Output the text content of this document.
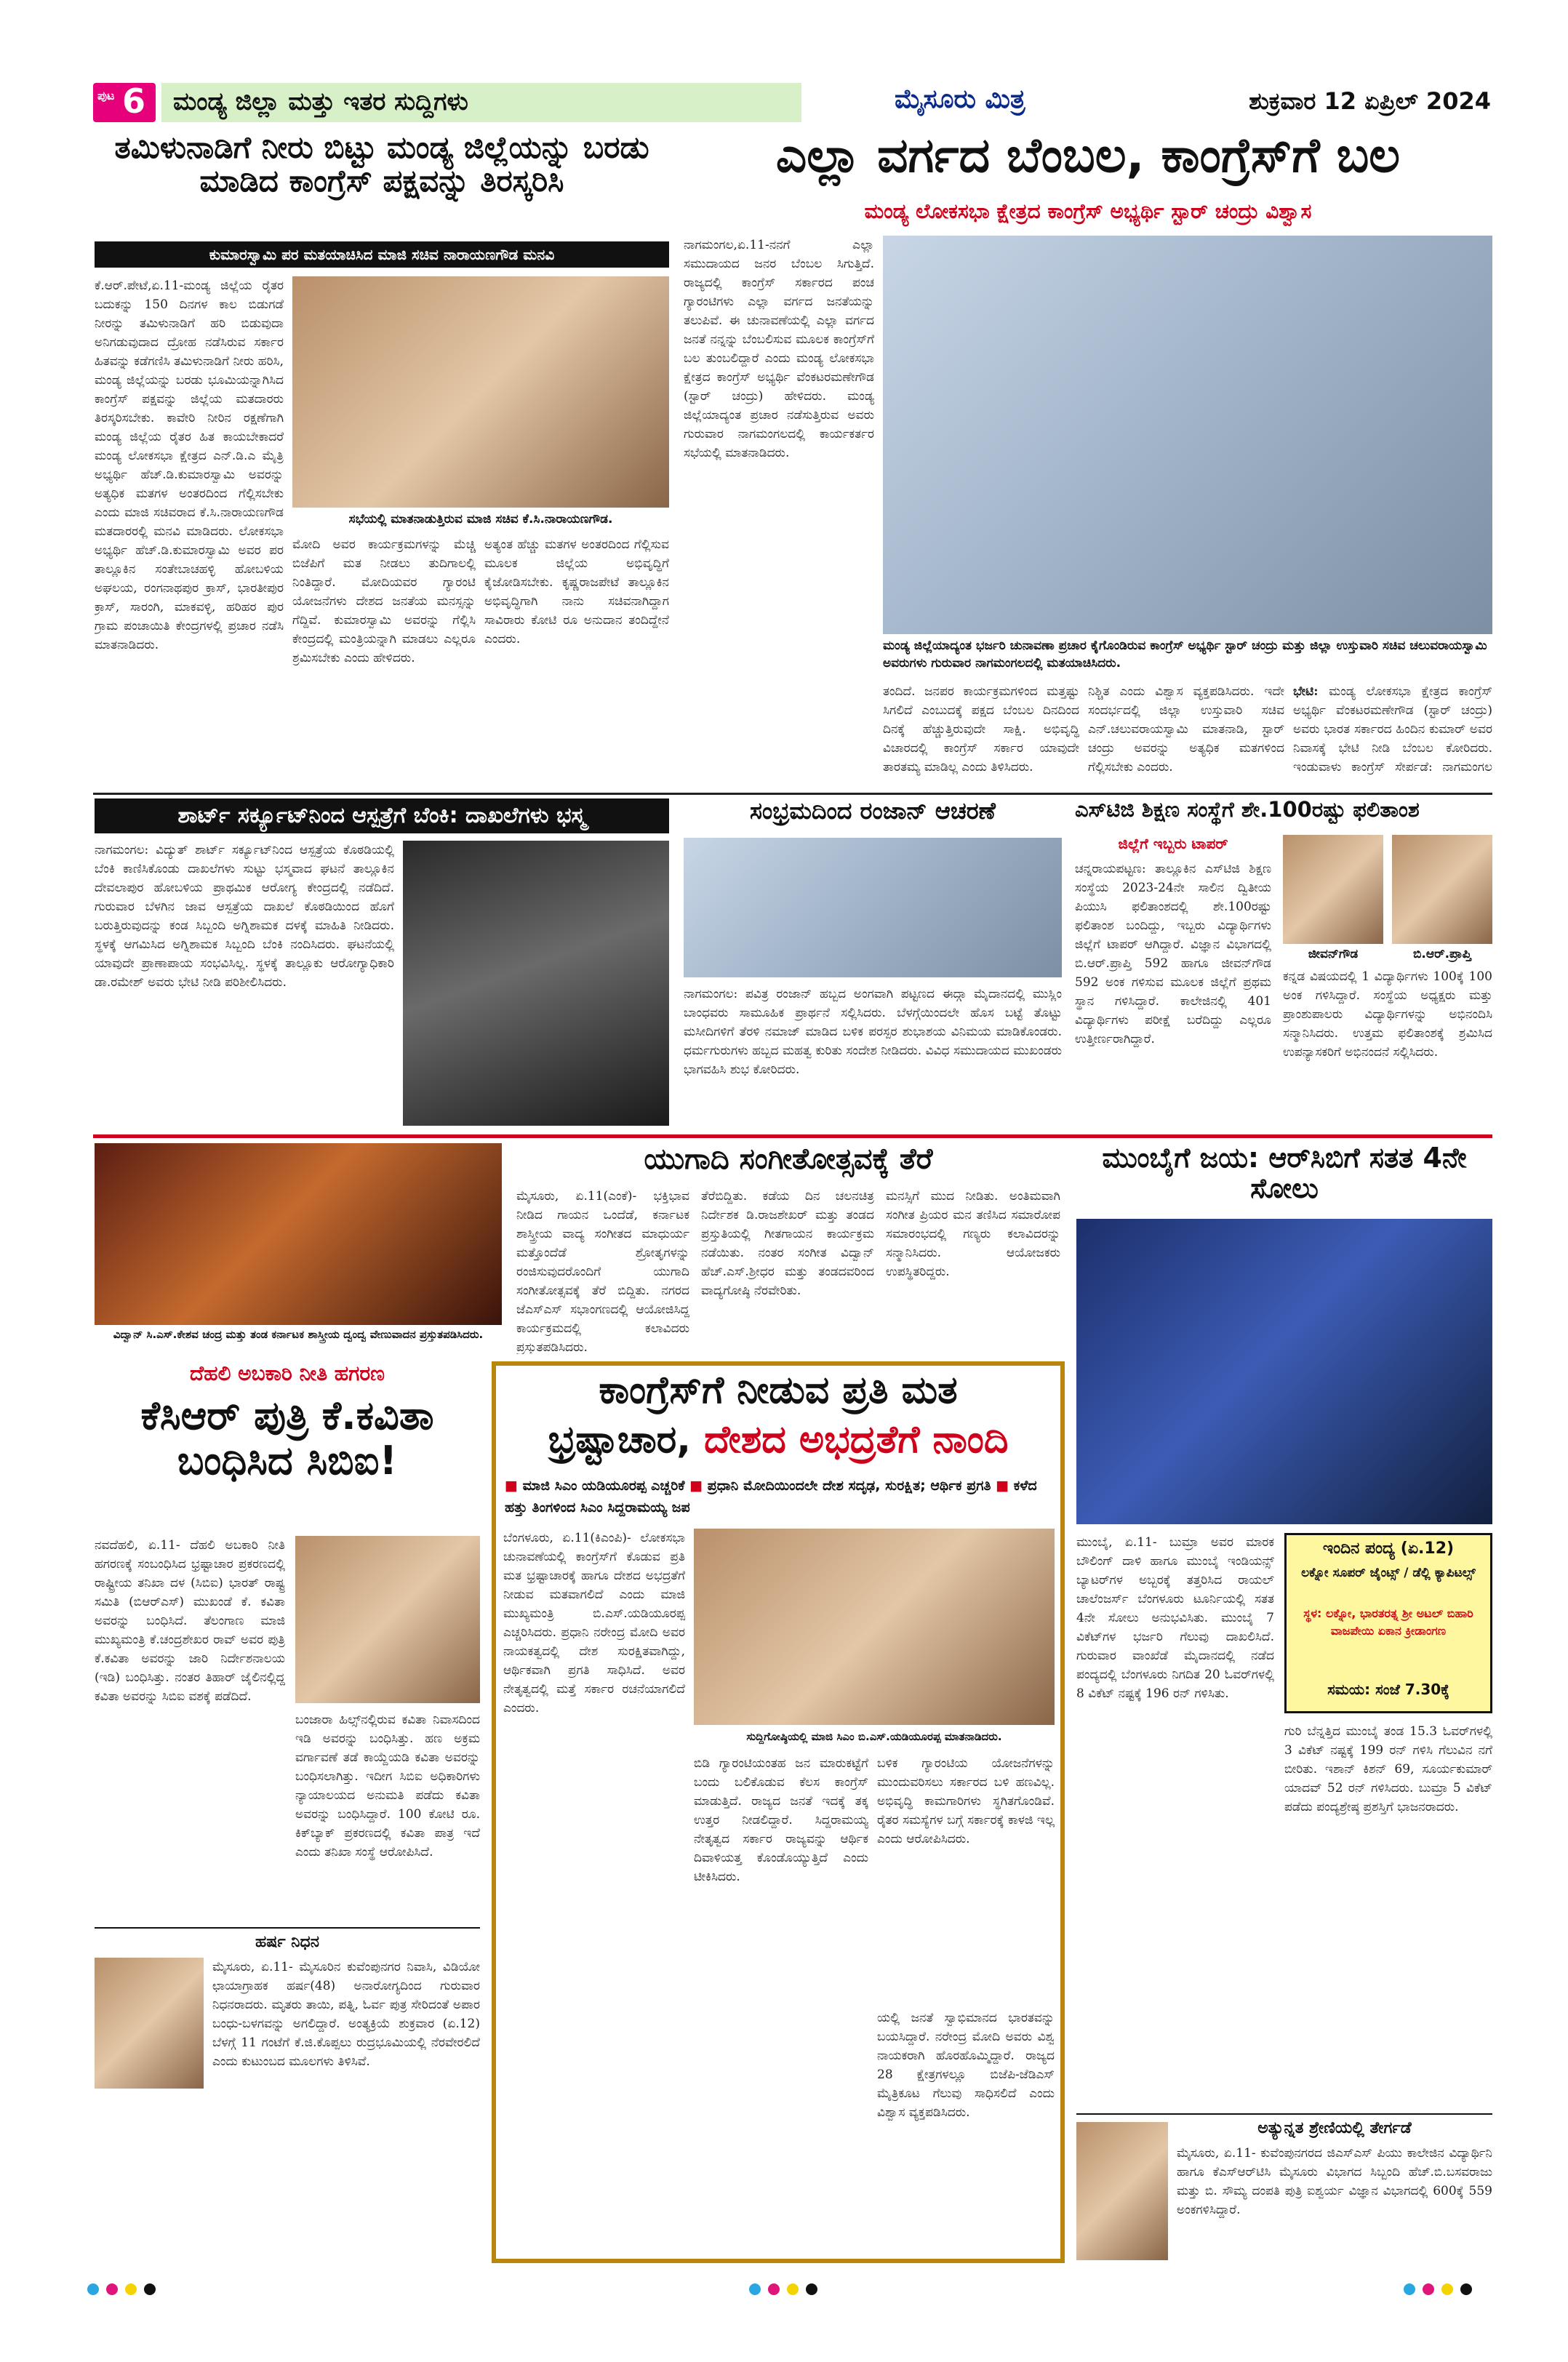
ಪುಟ 6 ಮಂಡ್ಯ ಜಿಲ್ಲಾ ಮತ್ತು ಇತರ ಸುದ್ದಿಗಳು	ಮೈಸೂರು ಮಿತ್ರ	ಶುಕ್ರವಾರ 12 ಏಪ್ರಿಲ್ 2024
ತಮಿಳುನಾಡಿಗೆ ನೀರು ಬಿಟ್ಟು ಮಂಡ್ಯ ಜಿಲ್ಲೆಯನ್ನು ಬರಡು ಮಾಡಿದ ಕಾಂಗ್ರೆಸ್ ಪಕ್ಷವನ್ನು ತಿರಸ್ಕರಿಸಿ
ಕುಮಾರಸ್ವಾಮಿ ಪರ ಮತಯಾಚಿಸಿದ ಮಾಜಿ ಸಚಿವ ನಾರಾಯಣಗೌಡ ಮನವಿ
ಕೆ.ಆರ್.ಪೇಟೆ,ಏ.11-ಮಂಡ್ಯ ಜಿಲ್ಲೆಯ ರೈತರ ಬದುಕನ್ನು 150 ದಿನಗಳ ಕಾಲ ಬಿಡುಗಡೆ ನೀರನ್ನು ತಮಿಳುನಾಡಿಗೆ ಹರಿ ಬಿಡುವುದಾ ಅನಿಗಡುವುದಾದ ದ್ರೋಹ ನಡೆಸಿರುವ ಸರ್ಕಾರ ಹಿತವನ್ನು ಕಡೆಗಣಿಸಿ ತಮಿಳುನಾಡಿಗೆ ನೀರು ಹರಿಸಿ, ಮಂಡ್ಯ ಜಿಲ್ಲೆಯನ್ನು ಬರಡು ಭೂಮಿಯನ್ನಾಗಿಸಿದ ಕಾಂಗ್ರೆಸ್ ಪಕ್ಷವನ್ನು ಜಿಲ್ಲೆಯ ಮತದಾರರು ತಿರಸ್ಕರಿಸಬೇಕು. ಕಾವೇರಿ ನೀರಿನ ರಕ್ಷಣೆಗಾಗಿ ಮಂಡ್ಯ ಜಿಲ್ಲೆಯ ರೈತರ ಹಿತ ಕಾಯಬೇಕಾದರೆ ಮಂಡ್ಯ ಲೋಕಸಭಾ ಕ್ಷೇತ್ರದ ಎನ್.ಡಿ.ಎ ಮೈತ್ರಿ ಅಭ್ಯರ್ಥಿ ಹೆಚ್.ಡಿ.ಕುಮಾರಸ್ವಾಮಿ ಅವರನ್ನು ಅತ್ಯಧಿಕ ಮತಗಳ ಅಂತರದಿಂದ ಗೆಲ್ಲಿಸಬೇಕು ಎಂದು ಮಾಜಿ ಸಚಿವರಾದ ಕೆ.ಸಿ.ನಾರಾಯಣಗೌಡ ಮತದಾರರಲ್ಲಿ ಮನವಿ ಮಾಡಿದರು. ಲೋಕಸಭಾ ಅಭ್ಯರ್ಥಿ ಹೆಚ್.ಡಿ.ಕುಮಾರಸ್ವಾಮಿ ಅವರ ಪರ ತಾಲ್ಲೂಕಿನ ಸಂತೇಬಾಚಹಳ್ಳಿ ಹೋಬಳಿಯ ಅಘಲಯ, ರಂಗನಾಥಪುರ ಕ್ರಾಸ್, ಭಾರತೀಪುರ ಕ್ರಾಸ್, ಸಾರಂಗಿ, ಮಾಕವಳ್ಳಿ, ಹರಿಹರ ಪುರ ಗ್ರಾಮ ಪಂಚಾಯಿತಿ ಕೇಂದ್ರಗಳಲ್ಲಿ ಪ್ರಚಾರ ನಡೆಸಿ ಮಾತನಾಡಿದರು.
ಸಭೆಯಲ್ಲಿ ಮಾತನಾಡುತ್ತಿರುವ ಮಾಜಿ ಸಚಿವ ಕೆ.ಸಿ.ನಾರಾಯಣಗೌಡ.
ಮೋದಿ ಅವರ ಕಾರ್ಯಕ್ರಮಗಳನ್ನು ಮೆಚ್ಚಿ ಬಿಜೆಪಿಗೆ ಮತ ನೀಡಲು ತುದಿಗಾಲಲ್ಲಿ ನಿಂತಿದ್ದಾರೆ. ಮೋದಿಯವರ ಗ್ಯಾರಂಟಿ ಯೋಜನೆಗಳು ದೇಶದ ಜನತೆಯ ಮನಸ್ಸನ್ನು ಗೆದ್ದಿವೆ. ಕುಮಾರಸ್ವಾಮಿ ಅವರನ್ನು ಗೆಲ್ಲಿಸಿ ಕೇಂದ್ರದಲ್ಲಿ ಮಂತ್ರಿಯನ್ನಾಗಿ ಮಾಡಲು ಎಲ್ಲರೂ ಶ್ರಮಿಸಬೇಕು ಎಂದು ಹೇಳಿದರು.
ಅತ್ಯಂತ ಹೆಚ್ಚು ಮತಗಳ ಅಂತರದಿಂದ ಗೆಲ್ಲಿಸುವ ಮೂಲಕ ಜಿಲ್ಲೆಯ ಅಭಿವೃದ್ಧಿಗೆ ಕೈಜೋಡಿಸಬೇಕು. ಕೃಷ್ಣರಾಜಪೇಟೆ ತಾಲ್ಲೂಕಿನ ಅಭಿವೃದ್ಧಿಗಾಗಿ ನಾನು ಸಚಿವನಾಗಿದ್ದಾಗ ಸಾವಿರಾರು ಕೋಟಿ ರೂ ಅನುದಾನ ತಂದಿದ್ದೇನೆ ಎಂದರು.
ಎಲ್ಲಾ ವರ್ಗದ ಬೆಂಬಲ, ಕಾಂಗ್ರೆಸ್‌ಗೆ ಬಲ
ಮಂಡ್ಯ ಲೋಕಸಭಾ ಕ್ಷೇತ್ರದ ಕಾಂಗ್ರೆಸ್ ಅಭ್ಯರ್ಥಿ ಸ್ಟಾರ್ ಚಂದ್ರು ವಿಶ್ವಾಸ
ನಾಗಮಂಗಲ,ಏ.11-ನನಗೆ ಎಲ್ಲಾ ಸಮುದಾಯದ ಜನರ ಬೆಂಬಲ ಸಿಗುತ್ತಿದೆ. ರಾಜ್ಯದಲ್ಲಿ ಕಾಂಗ್ರೆಸ್ ಸರ್ಕಾರದ ಪಂಚ ಗ್ಯಾರಂಟಿಗಳು ಎಲ್ಲಾ ವರ್ಗದ ಜನತೆಯನ್ನು ತಲುಪಿವೆ. ಈ ಚುನಾವಣೆಯಲ್ಲಿ ಎಲ್ಲಾ ವರ್ಗದ ಜನತೆ ನನ್ನನ್ನು ಬೆಂಬಲಿಸುವ ಮೂಲಕ ಕಾಂಗ್ರೆಸ್‌ಗೆ ಬಲ ತುಂಬಲಿದ್ದಾರೆ ಎಂದು ಮಂಡ್ಯ ಲೋಕಸಭಾ ಕ್ಷೇತ್ರದ ಕಾಂಗ್ರೆಸ್ ಅಭ್ಯರ್ಥಿ ವೆಂಕಟರಮಣೇಗೌಡ (ಸ್ಟಾರ್ ಚಂದ್ರು) ಹೇಳಿದರು. ಮಂಡ್ಯ ಜಿಲ್ಲೆಯಾದ್ಯಂತ ಪ್ರಚಾರ ನಡೆಸುತ್ತಿರುವ ಅವರು ಗುರುವಾರ ನಾಗಮಂಗಲದಲ್ಲಿ ಕಾರ್ಯಕರ್ತರ ಸಭೆಯಲ್ಲಿ ಮಾತನಾಡಿದರು.
ಮಂಡ್ಯ ಜಿಲ್ಲೆಯಾದ್ಯಂತ ಭರ್ಜರಿ ಚುನಾವಣಾ ಪ್ರಚಾರ ಕೈಗೊಂಡಿರುವ ಕಾಂಗ್ರೆಸ್ ಅಭ್ಯರ್ಥಿ ಸ್ಟಾರ್ ಚಂದ್ರು ಮತ್ತು ಜಿಲ್ಲಾ ಉಸ್ತುವಾರಿ ಸಚಿವ ಚಲುವರಾಯಸ್ವಾಮಿ ಅವರುಗಳು ಗುರುವಾರ ನಾಗಮಂಗಲದಲ್ಲಿ ಮತಯಾಚಿಸಿದರು.
ತಂದಿದೆ. ಜನಪರ ಕಾರ್ಯಕ್ರಮಗಳಿಂದ ಮತ್ತಷ್ಟು ಸಿಗಲಿದೆ ಎಂಬುದಕ್ಕೆ ಪಕ್ಷದ ಬೆಂಬಲ ದಿನದಿಂದ ದಿನಕ್ಕೆ ಹೆಚ್ಚುತ್ತಿರುವುದೇ ಸಾಕ್ಷಿ. ಅಭಿವೃದ್ಧಿ ವಿಚಾರದಲ್ಲಿ ಕಾಂಗ್ರೆಸ್ ಸರ್ಕಾರ ಯಾವುದೇ ತಾರತಮ್ಯ ಮಾಡಿಲ್ಲ ಎಂದು ತಿಳಿಸಿದರು.
ನಿಶ್ಚಿತ ಎಂದು ವಿಶ್ವಾಸ ವ್ಯಕ್ತಪಡಿಸಿದರು. ಇದೇ ಸಂದರ್ಭದಲ್ಲಿ ಜಿಲ್ಲಾ ಉಸ್ತುವಾರಿ ಸಚಿವ ಎನ್.ಚಲುವರಾಯಸ್ವಾಮಿ ಮಾತನಾಡಿ, ಸ್ಟಾರ್ ಚಂದ್ರು ಅವರನ್ನು ಅತ್ಯಧಿಕ ಮತಗಳಿಂದ ಗೆಲ್ಲಿಸಬೇಕು ಎಂದರು.
ಭೇಟಿ: ಮಂಡ್ಯ ಲೋಕಸಭಾ ಕ್ಷೇತ್ರದ ಕಾಂಗ್ರೆಸ್ ಅಭ್ಯರ್ಥಿ ವೆಂಕಟರಮಣೇಗೌಡ (ಸ್ಟಾರ್ ಚಂದ್ರು) ಅವರು ಭಾರತ ಸರ್ಕಾರದ ಹಿಂದಿನ ಕುಮಾರ್ ಅವರ ನಿವಾಸಕ್ಕೆ ಭೇಟಿ ನೀಡಿ ಬೆಂಬಲ ಕೋರಿದರು. ಇಂಡುವಾಳು ಕಾಂಗ್ರೆಸ್ ಸೇರ್ಪಡೆ: ನಾಗಮಂಗಲ
ಶಾರ್ಟ್ ಸರ್ಕ್ಯೂಟ್‌ನಿಂದ ಆಸ್ಪತ್ರೆಗೆ ಬೆಂಕಿ: ದಾಖಲೆಗಳು ಭಸ್ಮ
ನಾಗಮಂಗಲ: ವಿದ್ಯುತ್ ಶಾರ್ಟ್ ಸರ್ಕ್ಯೂಟ್‌ನಿಂದ ಆಸ್ಪತ್ರೆಯ ಕೊಠಡಿಯಲ್ಲಿ ಬೆಂಕಿ ಕಾಣಿಸಿಕೊಂಡು ದಾಖಲೆಗಳು ಸುಟ್ಟು ಭಸ್ಮವಾದ ಘಟನೆ ತಾಲ್ಲೂಕಿನ ದೇವಲಾಪುರ ಹೋಬಳಿಯ ಪ್ರಾಥಮಿಕ ಆರೋಗ್ಯ ಕೇಂದ್ರದಲ್ಲಿ ನಡೆದಿದೆ. ಗುರುವಾರ ಬೆಳಗಿನ ಜಾವ ಆಸ್ಪತ್ರೆಯ ದಾಖಲೆ ಕೊಠಡಿಯಿಂದ ಹೊಗೆ ಬರುತ್ತಿರುವುದನ್ನು ಕಂಡ ಸಿಬ್ಬಂದಿ ಅಗ್ನಿಶಾಮಕ ದಳಕ್ಕೆ ಮಾಹಿತಿ ನೀಡಿದರು. ಸ್ಥಳಕ್ಕೆ ಆಗಮಿಸಿದ ಅಗ್ನಿಶಾಮಕ ಸಿಬ್ಬಂದಿ ಬೆಂಕಿ ನಂದಿಸಿದರು. ಘಟನೆಯಲ್ಲಿ ಯಾವುದೇ ಪ್ರಾಣಾಪಾಯ ಸಂಭವಿಸಿಲ್ಲ. ಸ್ಥಳಕ್ಕೆ ತಾಲ್ಲೂಕು ಆರೋಗ್ಯಾಧಿಕಾರಿ ಡಾ.ರಮೇಶ್ ಅವರು ಭೇಟಿ ನೀಡಿ ಪರಿಶೀಲಿಸಿದರು.
ಸಂಭ್ರಮದಿಂದ ರಂಜಾನ್ ಆಚರಣೆ
ನಾಗಮಂಗಲ: ಪವಿತ್ರ ರಂಜಾನ್ ಹಬ್ಬದ ಅಂಗವಾಗಿ ಪಟ್ಟಣದ ಈದ್ಗಾ ಮೈದಾನದಲ್ಲಿ ಮುಸ್ಲಿಂ ಬಾಂಧವರು ಸಾಮೂಹಿಕ ಪ್ರಾರ್ಥನೆ ಸಲ್ಲಿಸಿದರು. ಬೆಳಗ್ಗೆಯಿಂದಲೇ ಹೊಸ ಬಟ್ಟೆ ತೊಟ್ಟು ಮಸೀದಿಗಳಿಗೆ ತೆರಳಿ ನಮಾಜ್ ಮಾಡಿದ ಬಳಿಕ ಪರಸ್ಪರ ಶುಭಾಶಯ ವಿನಿಮಯ ಮಾಡಿಕೊಂಡರು. ಧರ್ಮಗುರುಗಳು ಹಬ್ಬದ ಮಹತ್ವ ಕುರಿತು ಸಂದೇಶ ನೀಡಿದರು. ವಿವಿಧ ಸಮುದಾಯದ ಮುಖಂಡರು ಭಾಗವಹಿಸಿ ಶುಭ ಕೋರಿದರು.
ಎಸ್‌ಟಿಜಿ ಶಿಕ್ಷಣ ಸಂಸ್ಥೆಗೆ ಶೇ.100ರಷ್ಟು ಫಲಿತಾಂಶ
ಜಿಲ್ಲೆಗೆ ಇಬ್ಬರು ಟಾಪರ್
ಚನ್ನರಾಯಪಟ್ಟಣ: ತಾಲ್ಲೂಕಿನ ಎಸ್‌ಟಿಜಿ ಶಿಕ್ಷಣ ಸಂಸ್ಥೆಯ 2023-24ನೇ ಸಾಲಿನ ದ್ವಿತೀಯ ಪಿಯುಸಿ ಫಲಿತಾಂಶದಲ್ಲಿ ಶೇ.100ರಷ್ಟು ಫಲಿತಾಂಶ ಬಂದಿದ್ದು, ಇಬ್ಬರು ವಿದ್ಯಾರ್ಥಿಗಳು ಜಿಲ್ಲೆಗೆ ಟಾಪರ್ ಆಗಿದ್ದಾರೆ. ವಿಜ್ಞಾನ ವಿಭಾಗದಲ್ಲಿ ಬಿ.ಆರ್.ಪ್ರಾಪ್ತಿ 592 ಹಾಗೂ ಜೀವನ್‌ಗೌಡ 592 ಅಂಕ ಗಳಿಸುವ ಮೂಲಕ ಜಿಲ್ಲೆಗೆ ಪ್ರಥಮ ಸ್ಥಾನ ಗಳಿಸಿದ್ದಾರೆ. ಕಾಲೇಜಿನಲ್ಲಿ 401 ವಿದ್ಯಾರ್ಥಿಗಳು ಪರೀಕ್ಷೆ ಬರೆದಿದ್ದು ಎಲ್ಲರೂ ಉತ್ತೀರ್ಣರಾಗಿದ್ದಾರೆ.
ಜೀವನ್‌ಗೌಡ	ಬಿ.ಆರ್.ಪ್ರಾಪ್ತಿ
ಕನ್ನಡ ವಿಷಯದಲ್ಲಿ 1 ವಿದ್ಯಾರ್ಥಿಗಳು 100ಕ್ಕೆ 100 ಅಂಕ ಗಳಿಸಿದ್ದಾರೆ. ಸಂಸ್ಥೆಯ ಅಧ್ಯಕ್ಷರು ಮತ್ತು ಪ್ರಾಂಶುಪಾಲರು ವಿದ್ಯಾರ್ಥಿಗಳನ್ನು ಅಭಿನಂದಿಸಿ ಸನ್ಮಾನಿಸಿದರು. ಉತ್ತಮ ಫಲಿತಾಂಶಕ್ಕೆ ಶ್ರಮಿಸಿದ ಉಪನ್ಯಾಸಕರಿಗೆ ಅಭಿನಂದನೆ ಸಲ್ಲಿಸಿದರು.
ವಿದ್ವಾನ್ ಸಿ.ಎಸ್.ಕೇಶವ ಚಂದ್ರ ಮತ್ತು ತಂಡ ಕರ್ನಾಟಕ ಶಾಸ್ತ್ರೀಯ ದ್ವಂದ್ವ ವೇಣುವಾದನ ಪ್ರಸ್ತುತಪಡಿಸಿದರು.
ಯುಗಾದಿ ಸಂಗೀತೋತ್ಸವಕ್ಕೆ ತೆರೆ
ಮೈಸೂರು, ಏ.11(ಎಂಕೆ)- ಭಕ್ತಿಭಾವ ನೀಡಿದ ಗಾಯನ ಒಂದೆಡೆ, ಕರ್ನಾಟಕ ಶಾಸ್ತ್ರೀಯ ವಾದ್ಯ ಸಂಗೀತದ ಮಾಧುರ್ಯ ಮತ್ತೊಂದೆಡೆ ಶ್ರೋತೃಗಳನ್ನು ರಂಜಿಸುವುದರೊಂದಿಗೆ ಯುಗಾದಿ ಸಂಗೀತೋತ್ಸವಕ್ಕೆ ತೆರೆ ಬಿದ್ದಿತು. ನಗರದ ಜೆಎಸ್‌ಎಸ್ ಸಭಾಂಗಣದಲ್ಲಿ ಆಯೋಜಿಸಿದ್ದ ಕಾರ್ಯಕ್ರಮದಲ್ಲಿ ಕಲಾವಿದರು ಪ್ರಸ್ತುತಪಡಿಸಿದರು.
ತೆರೆಬಿದ್ದಿತು. ಕಡೆಯ ದಿನ ಚಲನಚಿತ್ರ ನಿರ್ದೇಶಕ ಡಿ.ರಾಜಶೇಖರ್ ಮತ್ತು ತಂಡದ ಪ್ರಸ್ತುತಿಯಲ್ಲಿ ಗೀತಗಾಯನ ಕಾರ್ಯಕ್ರಮ ನಡೆಯಿತು. ನಂತರ ಸಂಗೀತ ವಿದ್ವಾನ್ ಹೆಚ್.ಎಸ್.ಶ್ರೀಧರ ಮತ್ತು ತಂಡದವರಿಂದ ವಾದ್ಯಗೋಷ್ಠಿ ನೆರವೇರಿತು.
ಮನಸ್ಸಿಗೆ ಮುದ ನೀಡಿತು. ಅಂತಿಮವಾಗಿ ಸಂಗೀತ ಪ್ರಿಯರ ಮನ ತಣಿಸಿದ ಸಮಾರೋಪ ಸಮಾರಂಭದಲ್ಲಿ ಗಣ್ಯರು ಕಲಾವಿದರನ್ನು ಸನ್ಮಾನಿಸಿದರು. ಆಯೋಜಕರು ಉಪಸ್ಥಿತರಿದ್ದರು.
ಮುಂಬೈಗೆ ಜಯ: ಆರ್‌ಸಿಬಿಗೆ ಸತತ 4ನೇ ಸೋಲು
ಮುಂಬೈ, ಏ.11- ಬುಮ್ರಾ ಅವರ ಮಾರಕ ಬೌಲಿಂಗ್ ದಾಳಿ ಹಾಗೂ ಮುಂಬೈ ಇಂಡಿಯನ್ಸ್ ಬ್ಯಾಟರ್‌ಗಳ ಅಬ್ಬರಕ್ಕೆ ತತ್ತರಿಸಿದ ರಾಯಲ್ ಚಾಲೆಂಜರ್ಸ್ ಬೆಂಗಳೂರು ಟೂರ್ನಿಯಲ್ಲಿ ಸತತ 4ನೇ ಸೋಲು ಅನುಭವಿಸಿತು. ಮುಂಬೈ 7 ವಿಕೆಟ್‌ಗಳ ಭರ್ಜರಿ ಗೆಲುವು ದಾಖಲಿಸಿದೆ. ಗುರುವಾರ ವಾಂಖೆಡೆ ಮೈದಾನದಲ್ಲಿ ನಡೆದ ಪಂದ್ಯದಲ್ಲಿ ಬೆಂಗಳೂರು ನಿಗದಿತ 20 ಓವರ್‌ಗಳಲ್ಲಿ 8 ವಿಕೆಟ್ ನಷ್ಟಕ್ಕೆ 196 ರನ್ ಗಳಿಸಿತು.
ಇಂದಿನ ಪಂದ್ಯ (ಏ.12)
ಲಕ್ನೋ ಸೂಪರ್ ಜೈಂಟ್ಸ್ / ಡೆಲ್ಲಿ ಕ್ಯಾಪಿಟಲ್ಸ್
ಸ್ಥಳ: ಲಕ್ನೋ, ಭಾರತರತ್ನ ಶ್ರೀ ಅಟಲ್ ಬಿಹಾರಿ ವಾಜಪೇಯಿ ಏಕಾನ ಕ್ರೀಡಾಂಗಣ
ಸಮಯ: ಸಂಜೆ 7.30ಕ್ಕೆ
ಗುರಿ ಬೆನ್ನತ್ತಿದ ಮುಂಬೈ ತಂಡ 15.3 ಓವರ್‌ಗಳಲ್ಲಿ 3 ವಿಕೆಟ್ ನಷ್ಟಕ್ಕೆ 199 ರನ್ ಗಳಿಸಿ ಗೆಲುವಿನ ನಗೆ ಬೀರಿತು. ಇಶಾನ್ ಕಿಶನ್ 69, ಸೂರ್ಯಕುಮಾರ್ ಯಾದವ್ 52 ರನ್ ಗಳಿಸಿದರು. ಬುಮ್ರಾ 5 ವಿಕೆಟ್ ಪಡೆದು ಪಂದ್ಯಶ್ರೇಷ್ಠ ಪ್ರಶಸ್ತಿಗೆ ಭಾಜನರಾದರು.
ದೆಹಲಿ ಅಬಕಾರಿ ನೀತಿ ಹಗರಣ
ಕೆಸಿಆರ್ ಪುತ್ರಿ ಕೆ.ಕವಿತಾ ಬಂಧಿಸಿದ ಸಿಬಿಐ!
ನವದೆಹಲಿ, ಏ.11- ದೆಹಲಿ ಅಬಕಾರಿ ನೀತಿ ಹಗರಣಕ್ಕೆ ಸಂಬಂಧಿಸಿದ ಭ್ರಷ್ಟಾಚಾರ ಪ್ರಕರಣದಲ್ಲಿ ರಾಷ್ಟ್ರೀಯ ತನಿಖಾ ದಳ (ಸಿಬಿಐ) ಭಾರತ್ ರಾಷ್ಟ್ರ ಸಮಿತಿ (ಬಿಆರ್‌ಎಸ್) ಮುಖಂಡೆ ಕೆ. ಕವಿತಾ ಅವರನ್ನು ಬಂಧಿಸಿದೆ. ತೆಲಂಗಾಣ ಮಾಜಿ ಮುಖ್ಯಮಂತ್ರಿ ಕೆ.ಚಂದ್ರಶೇಖರ ರಾವ್ ಅವರ ಪುತ್ರಿ ಕೆ.ಕವಿತಾ ಅವರನ್ನು ಜಾರಿ ನಿರ್ದೇಶನಾಲಯ (ಇಡಿ) ಬಂಧಿಸಿತ್ತು. ನಂತರ ತಿಹಾರ್ ಜೈಲಿನಲ್ಲಿದ್ದ ಕವಿತಾ ಅವರನ್ನು ಸಿಬಿಐ ವಶಕ್ಕೆ ಪಡೆದಿದೆ.
ಬಂಜಾರಾ ಹಿಲ್ಸ್‌ನಲ್ಲಿರುವ ಕವಿತಾ ನಿವಾಸದಿಂದ ಇಡಿ ಅವರನ್ನು ಬಂಧಿಸಿತ್ತು. ಹಣ ಅಕ್ರಮ ವರ್ಗಾವಣೆ ತಡೆ ಕಾಯ್ದೆಯಡಿ ಕವಿತಾ ಅವರನ್ನು ಬಂಧಿಸಲಾಗಿತ್ತು. ಇದೀಗ ಸಿಬಿಐ ಅಧಿಕಾರಿಗಳು ನ್ಯಾಯಾಲಯದ ಅನುಮತಿ ಪಡೆದು ಕವಿತಾ ಅವರನ್ನು ಬಂಧಿಸಿದ್ದಾರೆ. 100 ಕೋಟಿ ರೂ. ಕಿಕ್‌ಬ್ಯಾಕ್ ಪ್ರಕರಣದಲ್ಲಿ ಕವಿತಾ ಪಾತ್ರ ಇದೆ ಎಂದು ತನಿಖಾ ಸಂಸ್ಥೆ ಆರೋಪಿಸಿದೆ.
ಹರ್ಷ ನಿಧನ
ಮೈಸೂರು, ಏ.11- ಮೈಸೂರಿನ ಕುವೆಂಪುನಗರ ನಿವಾಸಿ, ವಿಡಿಯೋ ಛಾಯಾಗ್ರಾಹಕ ಹರ್ಷ(48) ಅನಾರೋಗ್ಯದಿಂದ ಗುರುವಾರ ನಿಧನರಾದರು. ಮೃತರು ತಾಯಿ, ಪತ್ನಿ, ಓರ್ವ ಪುತ್ರ ಸೇರಿದಂತೆ ಅಪಾರ ಬಂಧು-ಬಳಗವನ್ನು ಅಗಲಿದ್ದಾರೆ. ಅಂತ್ಯಕ್ರಿಯೆ ಶುಕ್ರವಾರ (ಏ.12) ಬೆಳಗ್ಗೆ 11 ಗಂಟೆಗೆ ಕೆ.ಜಿ.ಕೊಪ್ಪಲು ರುದ್ರಭೂಮಿಯಲ್ಲಿ ನೆರವೇರಲಿದೆ ಎಂದು ಕುಟುಂಬದ ಮೂಲಗಳು ತಿಳಿಸಿವೆ.
ಕಾಂಗ್ರೆಸ್‌ಗೆ ನೀಡುವ ಪ್ರತಿ ಮತ
ಭ್ರಷ್ಟಾಚಾರ, ದೇಶದ ಅಭದ್ರತೆಗೆ ನಾಂದಿ
■ ಮಾಜಿ ಸಿಎಂ ಯಡಿಯೂರಪ್ಪ ಎಚ್ಚರಿಕೆ ■ ಪ್ರಧಾನಿ ಮೋದಿಯಿಂದಲೇ ದೇಶ ಸದೃಢ, ಸುರಕ್ಷಿತ; ಆರ್ಥಿಕ ಪ್ರಗತಿ ■ ಕಳೆದ ಹತ್ತು ತಿಂಗಳಿಂದ ಸಿಎಂ ಸಿದ್ದರಾಮಯ್ಯ ಜಪ
ಬೆಂಗಳೂರು, ಏ.11(ಕಿಎಂಪಿ)- ಲೋಕಸಭಾ ಚುನಾವಣೆಯಲ್ಲಿ ಕಾಂಗ್ರೆಸ್‌ಗೆ ಕೊಡುವ ಪ್ರತಿ ಮತ ಭ್ರಷ್ಟಾಚಾರಕ್ಕೆ ಹಾಗೂ ದೇಶದ ಅಭದ್ರತೆಗೆ ನೀಡುವ ಮತವಾಗಲಿದೆ ಎಂದು ಮಾಜಿ ಮುಖ್ಯಮಂತ್ರಿ ಬಿ.ಎಸ್.ಯಡಿಯೂರಪ್ಪ ಎಚ್ಚರಿಸಿದರು. ಪ್ರಧಾನಿ ನರೇಂದ್ರ ಮೋದಿ ಅವರ ನಾಯಕತ್ವದಲ್ಲಿ ದೇಶ ಸುರಕ್ಷಿತವಾಗಿದ್ದು, ಆರ್ಥಿಕವಾಗಿ ಪ್ರಗತಿ ಸಾಧಿಸಿದೆ. ಅವರ ನೇತೃತ್ವದಲ್ಲಿ ಮತ್ತೆ ಸರ್ಕಾರ ರಚನೆಯಾಗಲಿದೆ ಎಂದರು.
ಸುದ್ದಿಗೋಷ್ಠಿಯಲ್ಲಿ ಮಾಜಿ ಸಿಎಂ ಬಿ.ಎಸ್.ಯಡಿಯೂರಪ್ಪ ಮಾತನಾಡಿದರು.
ಬಿಡಿ ಗ್ಯಾರಂಟಿಯಂತಹ ಜನ ಮಾರುಕಟ್ಟೆಗೆ ಬಂದು ಬಲಿಕೊಡುವ ಕೆಲಸ ಕಾಂಗ್ರೆಸ್ ಮಾಡುತ್ತಿದೆ. ರಾಜ್ಯದ ಜನತೆ ಇದಕ್ಕೆ ತಕ್ಕ ಉತ್ತರ ನೀಡಲಿದ್ದಾರೆ. ಸಿದ್ದರಾಮಯ್ಯ ನೇತೃತ್ವದ ಸರ್ಕಾರ ರಾಜ್ಯವನ್ನು ಆರ್ಥಿಕ ದಿವಾಳಿಯತ್ತ ಕೊಂಡೊಯ್ಯುತ್ತಿದೆ ಎಂದು ಟೀಕಿಸಿದರು.
ಬಳಿಕ ಗ್ಯಾರಂಟಿಯ ಯೋಜನೆಗಳನ್ನು ಮುಂದುವರಿಸಲು ಸರ್ಕಾರದ ಬಳಿ ಹಣವಿಲ್ಲ. ಅಭಿವೃದ್ಧಿ ಕಾಮಗಾರಿಗಳು ಸ್ಥಗಿತಗೊಂಡಿವೆ. ರೈತರ ಸಮಸ್ಯೆಗಳ ಬಗ್ಗೆ ಸರ್ಕಾರಕ್ಕೆ ಕಾಳಜಿ ಇಲ್ಲ ಎಂದು ಆರೋಪಿಸಿದರು.
ಯಲ್ಲಿ ಜನತೆ ಸ್ವಾಭಿಮಾನದ ಭಾರತವನ್ನು ಬಯಸಿದ್ದಾರೆ. ನರೇಂದ್ರ ಮೋದಿ ಅವರು ವಿಶ್ವ ನಾಯಕರಾಗಿ ಹೊರಹೊಮ್ಮಿದ್ದಾರೆ. ರಾಜ್ಯದ 28 ಕ್ಷೇತ್ರಗಳಲ್ಲೂ ಬಿಜೆಪಿ-ಜೆಡಿಎಸ್ ಮೈತ್ರಿಕೂಟ ಗೆಲುವು ಸಾಧಿಸಲಿದೆ ಎಂದು ವಿಶ್ವಾಸ ವ್ಯಕ್ತಪಡಿಸಿದರು.
ಅತ್ಯುನ್ನತ ಶ್ರೇಣಿಯಲ್ಲಿ ತೇರ್ಗಡೆ
ಮೈಸೂರು, ಏ.11- ಕುವೆಂಪುನಗರದ ಜಿಎಸ್‌ಎಸ್ ಪಿಯು ಕಾಲೇಜಿನ ವಿದ್ಯಾರ್ಥಿನಿ ಹಾಗೂ ಕೆಎಸ್‌ಆರ್‌ಟಿಸಿ ಮೈಸೂರು ವಿಭಾಗದ ಸಿಬ್ಬಂದಿ ಹೆಚ್.ಬಿ.ಬಸವರಾಜು ಮತ್ತು ಬಿ. ಸೌಮ್ಯ ದಂಪತಿ ಪುತ್ರಿ ಐಶ್ವರ್ಯ ವಿಜ್ಞಾನ ವಿಭಾಗದಲ್ಲಿ 600ಕ್ಕೆ 559 ಅಂಕಗಳಿಸಿದ್ದಾರೆ.
